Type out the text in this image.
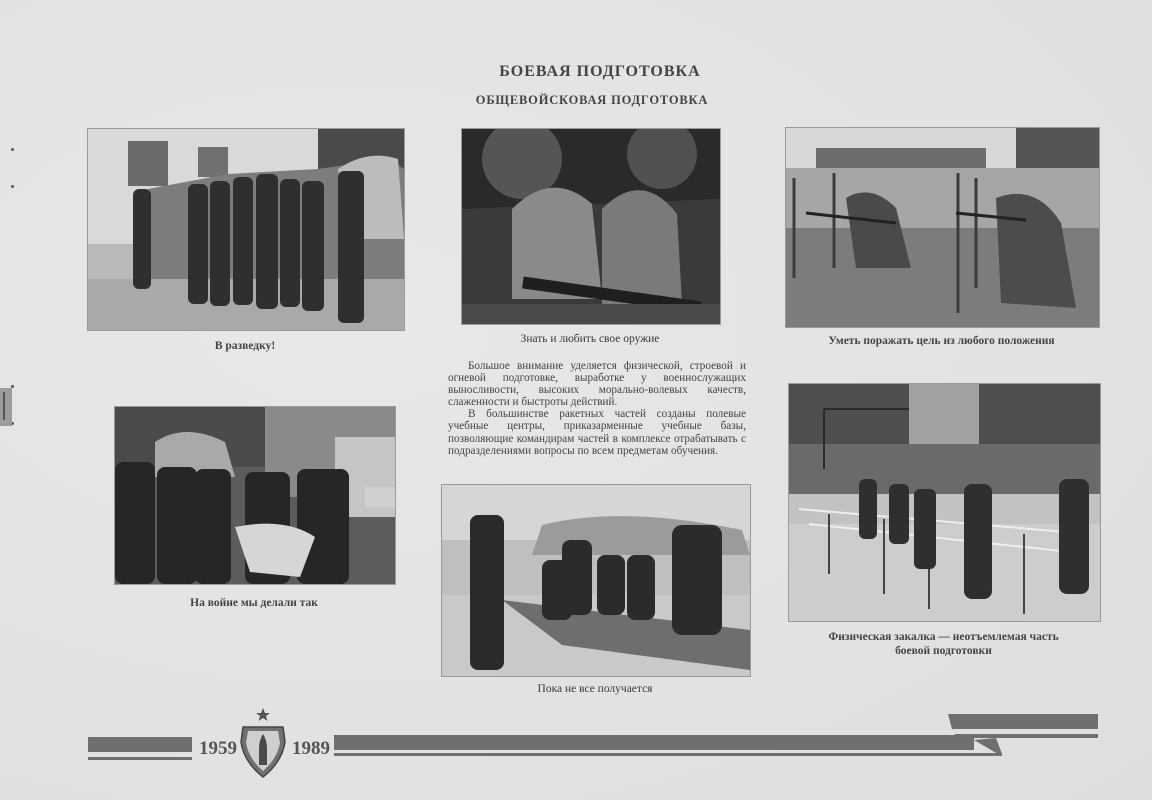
БОЕВАЯ ПОДГОТОВКА
ОБЩЕВОЙСКОВАЯ ПОДГОТОВКА
В разведку!
Знать и любить свое оружие	Уметь поражать цель из любого положения
На войне мы делали так

Большое внимание уделяется физической, строевой и огневой подготовке, выработке у военнослужащих выносливости, высоких морально-волевых качеств, слаженности и быстроты действий.

В большинстве ракетных частей созданы полевые учебные центры, приказарменные учебные базы, позволяющие командирам частей в комплексе отрабатывать с подразделениями вопросы по всем предметам обучения.

Пока не все получается
Физическая закалка — неотъемлемая часть
боевой подготовки
1959	1989
